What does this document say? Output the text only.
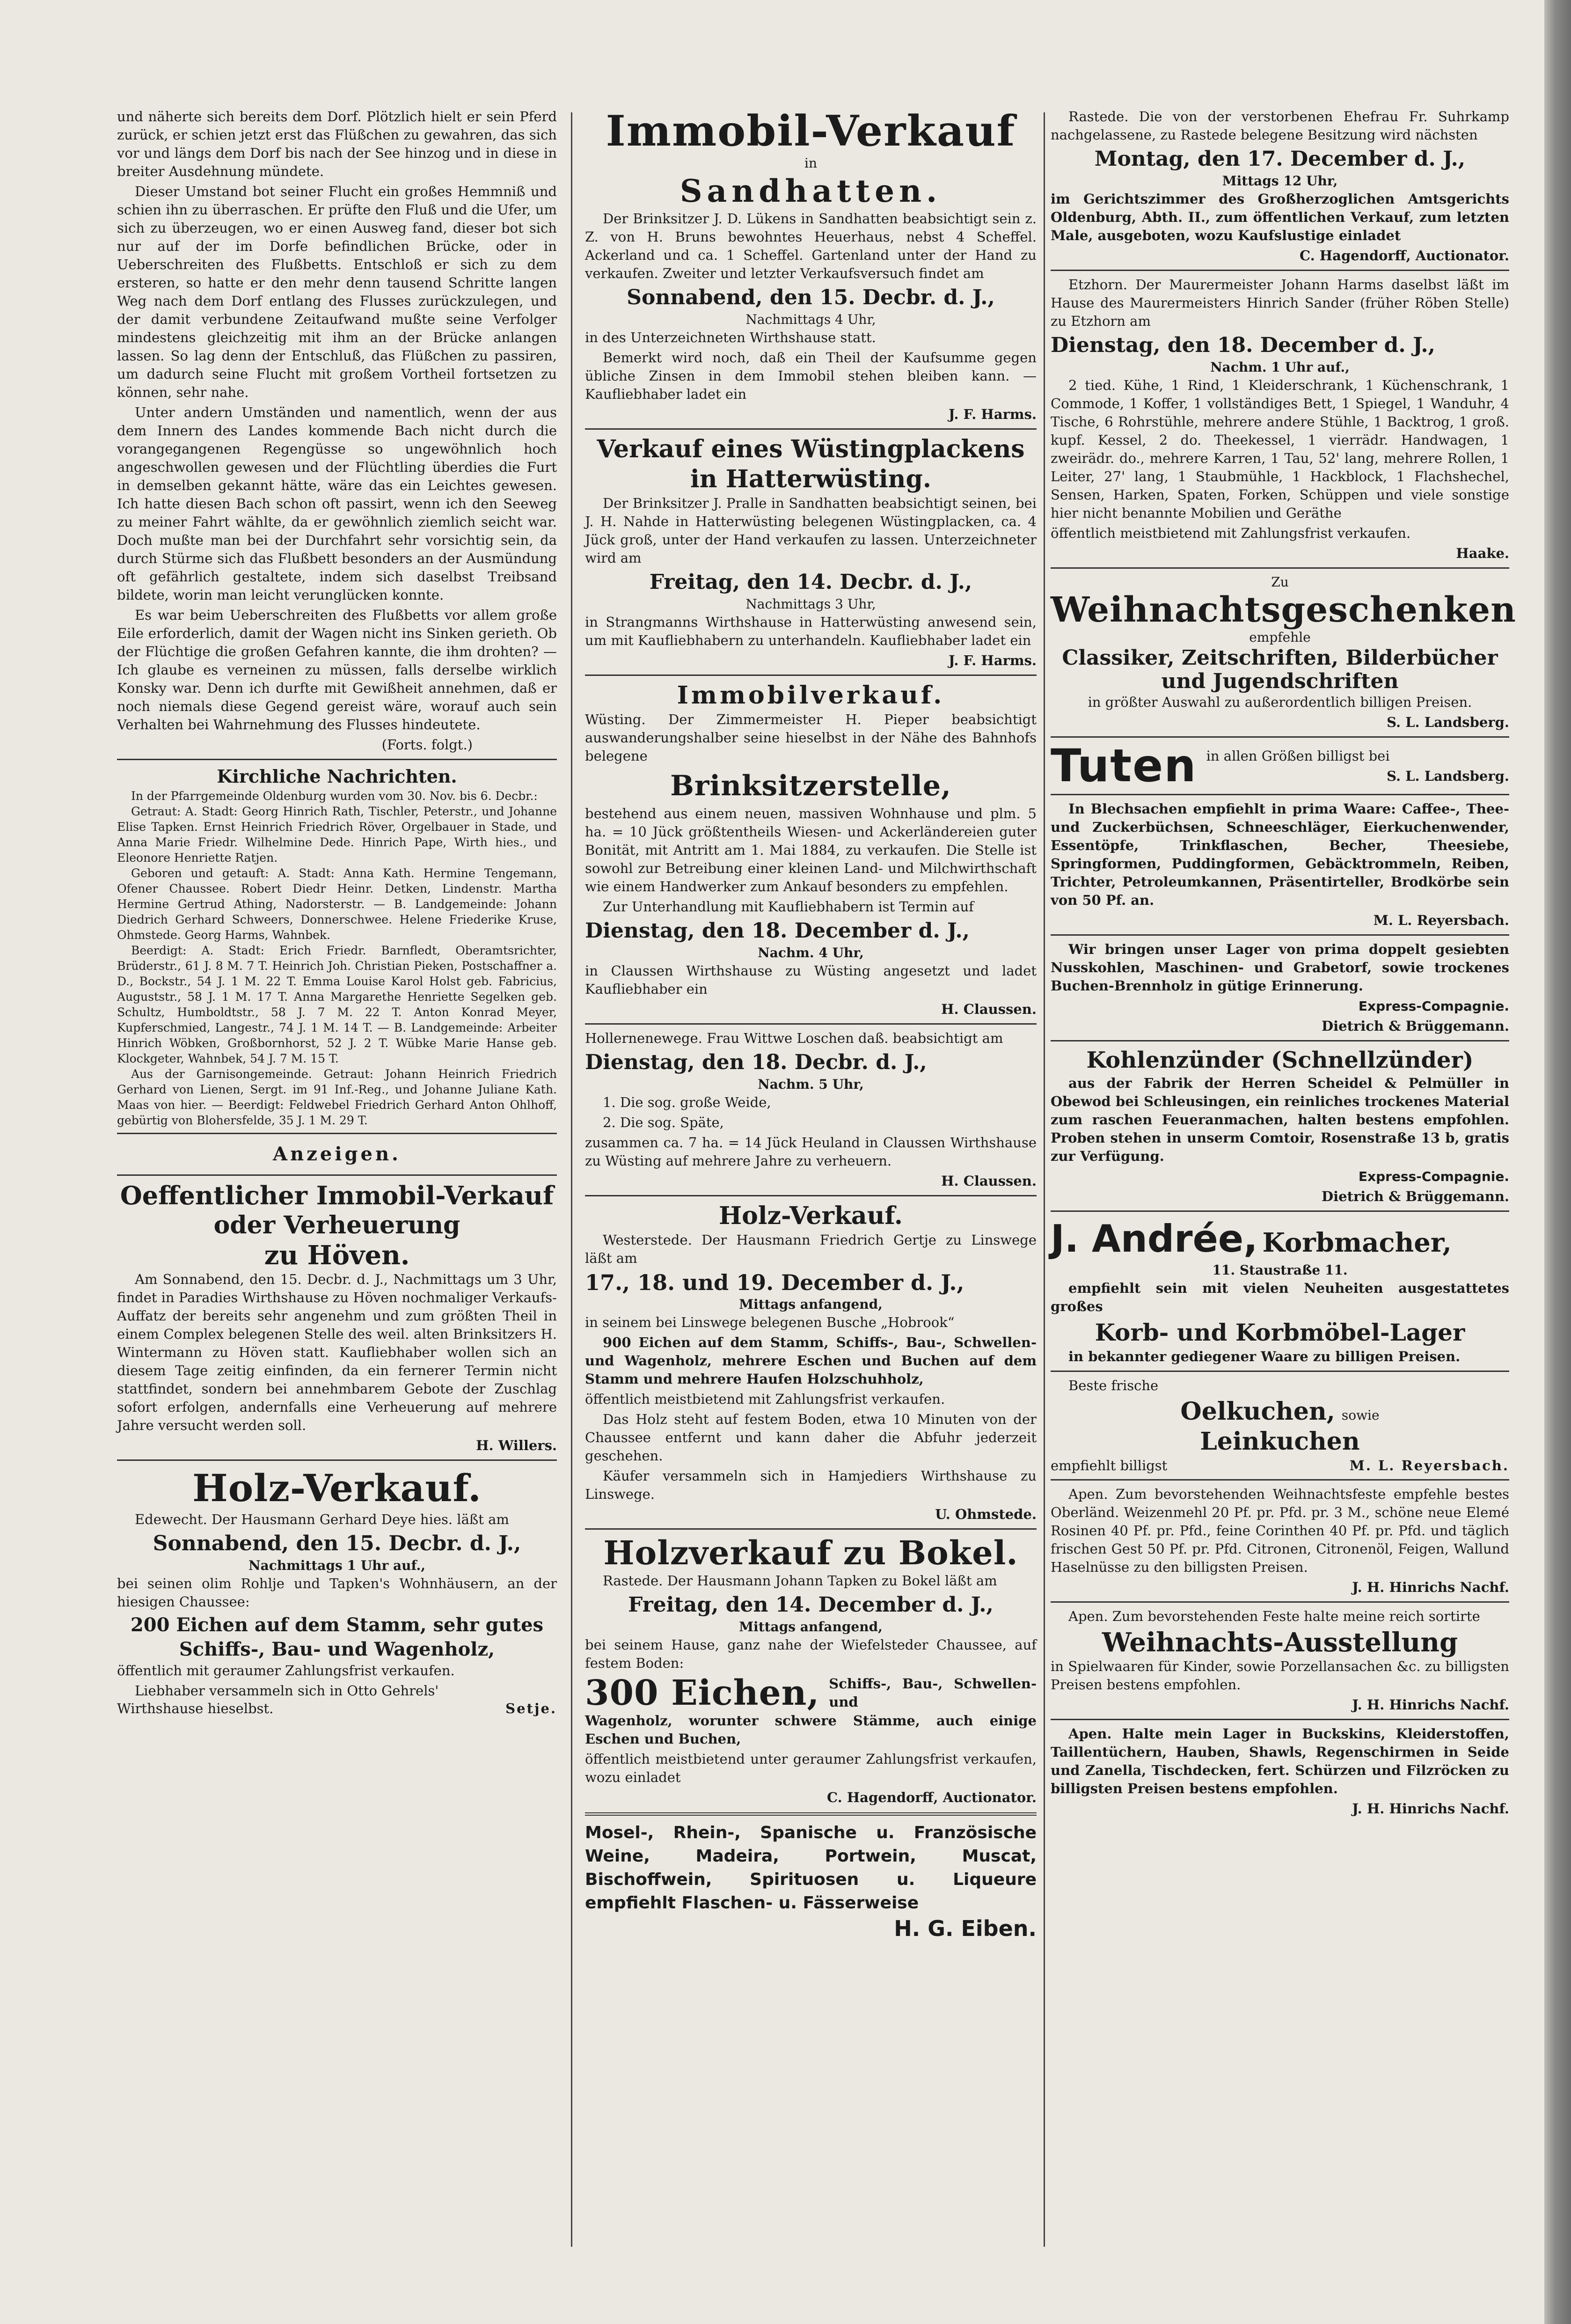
und näherte sich bereits dem Dorf. Plötzlich hielt er sein Pferd zurück, er schien jetzt erst das Flüßchen zu gewahren, das sich vor und längs dem Dorf bis nach der See hinzog und in diese in breiter Ausdehnung mündete.

Dieser Umstand bot seiner Flucht ein großes Hemmniß und schien ihn zu überraschen. Er prüfte den Fluß und die Ufer, um sich zu überzeugen, wo er einen Ausweg fand, dieser bot sich nur auf der im Dorfe befindlichen Brücke, oder in Ueberschreiten des Flußbetts. Entschloß er sich zu dem ersteren, so hatte er den mehr denn tausend Schritte langen Weg nach dem Dorf entlang des Flusses zurückzulegen, und der damit verbundene Zeitaufwand mußte seine Verfolger mindestens gleichzeitig mit ihm an der Brücke anlangen lassen. So lag denn der Entschluß, das Flüßchen zu passiren, um dadurch seine Flucht mit großem Vortheil fortsetzen zu können, sehr nahe.

Unter andern Umständen und namentlich, wenn der aus dem Innern des Landes kommende Bach nicht durch die vorangegangenen Regengüsse so ungewöhnlich hoch angeschwollen gewesen und der Flüchtling überdies die Furt in demselben gekannt hätte, wäre das ein Leichtes gewesen. Ich hatte diesen Bach schon oft passirt, wenn ich den Seeweg zu meiner Fahrt wählte, da er gewöhnlich ziemlich seicht war. Doch mußte man bei der Durchfahrt sehr vorsichtig sein, da durch Stürme sich das Flußbett besonders an der Ausmündung oft gefährlich gestaltete, indem sich daselbst Treibsand bildete, worin man leicht verunglücken konnte.

Es war beim Ueberschreiten des Flußbetts vor allem große Eile erforderlich, damit der Wagen nicht ins Sinken gerieth. Ob der Flüchtige die großen Gefahren kannte, die ihm drohten? — Ich glaube es verneinen zu müssen, falls derselbe wirklich Konsky war. Denn ich durfte mit Gewißheit annehmen, daß er noch niemals diese Gegend gereist wäre, worauf auch sein Verhalten bei Wahrnehmung des Flusses hindeutete.

(Forts. folgt.)

Kirchliche Nachrichten.

In der Pfarrgemeinde Oldenburg wurden vom 30. Nov. bis 6. Decbr.:

Getraut: A. Stadt: Georg Hinrich Rath, Tischler, Peterstr., und Johanne Elise Tapken. Ernst Heinrich Friedrich Röver, Orgelbauer in Stade, und Anna Marie Friedr. Wilhelmine Dede. Hinrich Pape, Wirth hies., und Eleonore Henriette Ratjen.

Geboren und getauft: A. Stadt: Anna Kath. Hermine Tengemann, Ofener Chaussee. Robert Diedr Heinr. Detken, Lindenstr. Martha Hermine Gertrud Athing, Nadorsterstr. — B. Landgemeinde: Johann Diedrich Gerhard Schweers, Donnerschwee. Helene Friederike Kruse, Ohmstede. Georg Harms, Wahnbek.

Beerdigt: A. Stadt: Erich Friedr. Barnfledt, Oberamtsrichter, Brüderstr., 61 J. 8 M. 7 T. Heinrich Joh. Christian Pieken, Postschaffner a. D., Bockstr., 54 J. 1 M. 22 T. Emma Louise Karol Holst geb. Fabricius, Auguststr., 58 J. 1 M. 17 T. Anna Margarethe Henriette Segelken geb. Schultz, Humboldtstr., 58 J. 7 M. 22 T. Anton Konrad Meyer, Kupferschmied, Langestr., 74 J. 1 M. 14 T. — B. Landgemeinde: Arbeiter Hinrich Wöbken, Großbornhorst, 52 J. 2 T. Wübke Marie Hanse geb. Klockgeter, Wahnbek, 54 J. 7 M. 15 T.

Aus der Garnisongemeinde. Getraut: Johann Heinrich Friedrich Gerhard von Lienen, Sergt. im 91 Inf.-Reg., und Johanne Juliane Kath. Maas von hier. — Beerdigt: Feldwebel Friedrich Gerhard Anton Ohlhoff, gebürtig von Blohersfelde, 35 J. 1 M. 29 T.

Anzeigen.

Oeffentlicher Immobil-Verkauf

oder Verheuerung

zu Höven.

Am Sonnabend, den 15. Decbr. d. J., Nachmittags um 3 Uhr, findet in Paradies Wirthshause zu Höven nochmaliger Verkaufs-Auffatz der bereits sehr angenehm und zum größten Theil in einem Complex belegenen Stelle des weil. alten Brinksitzers H. Wintermann zu Höven statt. Kaufliebhaber wollen sich an diesem Tage zeitig einfinden, da ein fernerer Termin nicht stattfindet, sondern bei annehmbarem Gebote der Zuschlag sofort erfolgen, andernfalls eine Verheuerung auf mehrere Jahre versucht werden soll.

H. Willers.

Holz-Verkauf.

Edewecht. Der Hausmann Gerhard Deye hies. läßt am

Sonnabend, den 15. Decbr. d. J.,

Nachmittags 1 Uhr auf.,

bei seinen olim Rohlje und Tapken's Wohnhäusern, an der hiesigen Chaussee:

200 Eichen auf dem Stamm, sehr gutes Schiffs-, Bau- und Wagenholz,

öffentlich mit geraumer Zahlungsfrist verkaufen.

Liebhaber versammeln sich in Otto Gehrels' Wirthshause hieselbst.	Setje.

Immobil-Verkauf

in

Sandhatten.

Der Brinksitzer J. D. Lükens in Sandhatten beabsichtigt sein z. Z. von H. Bruns bewohntes Heuerhaus, nebst 4 Scheffel. Ackerland und ca. 1 Scheffel. Gartenland unter der Hand zu verkaufen. Zweiter und letzter Verkaufsversuch findet am

Sonnabend, den 15. Decbr. d. J.,

Nachmittags 4 Uhr,

in des Unterzeichneten Wirthshause statt.

Bemerkt wird noch, daß ein Theil der Kaufsumme gegen übliche Zinsen in dem Immobil stehen bleiben kann. — Kaufliebhaber ladet ein

J. F. Harms.

Verkauf eines Wüstingplackens

in Hatterwüsting.

Der Brinksitzer J. Pralle in Sandhatten beabsichtigt seinen, bei J. H. Nahde in Hatterwüsting belegenen Wüstingplacken, ca. 4 Jück groß, unter der Hand verkaufen zu lassen. Unterzeichneter wird am

Freitag, den 14. Decbr. d. J.,

Nachmittags 3 Uhr,

in Strangmanns Wirthshause in Hatterwüsting anwesend sein, um mit Kaufliebhabern zu unterhandeln. Kaufliebhaber ladet ein

J. F. Harms.

Immobilverkauf.

Wüsting. Der Zimmermeister H. Pieper beabsichtigt auswanderungshalber seine hieselbst in der Nähe des Bahnhofs belegene

Brinksitzerstelle,

bestehend aus einem neuen, massiven Wohnhause und plm. 5 ha. = 10 Jück größtentheils Wiesen- und Ackerländereien guter Bonität, mit Antritt am 1. Mai 1884, zu verkaufen. Die Stelle ist sowohl zur Betreibung einer kleinen Land- und Milchwirthschaft wie einem Handwerker zum Ankauf besonders zu empfehlen.

Zur Unterhandlung mit Kaufliebhabern ist Termin auf

Dienstag, den 18. December d. J.,

Nachm. 4 Uhr,

in Claussen Wirthshause zu Wüsting angesetzt und ladet Kaufliebhaber ein

H. Claussen.

Hollernenewege. Frau Wittwe Loschen daß. beabsichtigt am

Dienstag, den 18. Decbr. d. J.,

Nachm. 5 Uhr,

1. Die sog. große Weide,

2. Die sog. Späte,

zusammen ca. 7 ha. = 14 Jück Heuland in Claussen Wirthshause zu Wüsting auf mehrere Jahre zu verheuern.

H. Claussen.

Holz-Verkauf.

Westerstede. Der Hausmann Friedrich Gertje zu Linswege läßt am

17., 18. und 19. December d. J.,

Mittags anfangend,

in seinem bei Linswege belegenen Busche „Hobrook“

900 Eichen auf dem Stamm, Schiffs-, Bau-, Schwellen- und Wagenholz, mehrere Eschen und Buchen auf dem Stamm und mehrere Haufen Holzschuhholz,

öffentlich meistbietend mit Zahlungsfrist verkaufen.

Das Holz steht auf festem Boden, etwa 10 Minuten von der Chaussee entfernt und kann daher die Abfuhr jederzeit geschehen.

Käufer versammeln sich in Hamjediers Wirthshause zu Linswege.

U. Ohmstede.

Holzverkauf zu Bokel.

Rastede. Der Hausmann Johann Tapken zu Bokel läßt am

Freitag, den 14. December d. J.,

Mittags anfangend,

bei seinem Hause, ganz nahe der Wiefelsteder Chaussee, auf festem Boden:

300 Eichen, Schiffs-, Bau-, Schwellen- und

Wagenholz, worunter schwere Stämme, auch einige Eschen und Buchen,

öffentlich meistbietend unter geraumer Zahlungsfrist verkaufen, wozu einladet

C. Hagendorff, Auctionator.

Mosel-, Rhein-, Spanische u. Französische Weine, Madeira, Portwein, Muscat, Bischoffwein, Spirituosen u. Liqueure empfiehlt Flaschen- u. Fässerweise

H. G. Eiben.

Rastede. Die von der verstorbenen Ehefrau Fr. Suhrkamp nachgelassene, zu Rastede belegene Besitzung wird nächsten

Montag, den 17. December d. J.,

Mittags 12 Uhr,

im Gerichtszimmer des Großherzoglichen Amtsgerichts Oldenburg, Abth. II., zum öffentlichen Verkauf, zum letzten Male, ausgeboten, wozu Kaufslustige einladet

C. Hagendorff, Auctionator.

Etzhorn. Der Maurermeister Johann Harms daselbst läßt im Hause des Maurermeisters Hinrich Sander (früher Röben Stelle) zu Etzhorn am

Dienstag, den 18. December d. J.,

Nachm. 1 Uhr auf.,

2 tied. Kühe, 1 Rind, 1 Kleiderschrank, 1 Küchenschrank, 1 Commode, 1 Koffer, 1 vollständiges Bett, 1 Spiegel, 1 Wanduhr, 4 Tische, 6 Rohrstühle, mehrere andere Stühle, 1 Backtrog, 1 groß. kupf. Kessel, 2 do. Theekessel, 1 vierrädr. Handwagen, 1 zweirädr. do., mehrere Karren, 1 Tau, 52' lang, mehrere Rollen, 1 Leiter, 27' lang, 1 Staubmühle, 1 Hackblock, 1 Flachshechel, Sensen, Harken, Spaten, Forken, Schüppen und viele sonstige hier nicht benannte Mobilien und Geräthe

öffentlich meistbietend mit Zahlungsfrist verkaufen.

Haake.

Zu

Weihnachtsgeschenken

empfehle

Classiker, Zeitschriften, Bilderbücher

und Jugendschriften

in größter Auswahl zu außerordentlich billigen Preisen.

S. L. Landsberg.

Tuten in allen Größen billigst bei

S. L. Landsberg.

In Blechsachen empfiehlt in prima Waare: Caffee-, Thee- und Zuckerbüchsen, Schneeschläger, Eierkuchenwender, Essentöpfe, Trinkflaschen, Becher, Theesiebe, Springformen, Puddingformen, Gebäcktrommeln, Reiben, Trichter, Petroleumkannen, Präsentirteller, Brodkörbe sein von 50 Pf. an.

M. L. Reyersbach.

Wir bringen unser Lager von prima doppelt gesiebten Nusskohlen, Maschinen- und Grabetorf, sowie trockenes Buchen-Brennholz in gütige Erinnerung.

Express-Compagnie.

Dietrich & Brüggemann.

Kohlenzünder (Schnellzünder)

aus der Fabrik der Herren Scheidel & Pelmüller in Obewod bei Schleusingen, ein reinliches trockenes Material zum raschen Feueranmachen, halten bestens empfohlen. Proben stehen in unserm Comtoir, Rosenstraße 13 b, gratis zur Verfügung.

Express-Compagnie.

Dietrich & Brüggemann.

J. Andrée, Korbmacher,

11. Staustraße 11.

empfiehlt sein mit vielen Neuheiten ausgestattetes großes

Korb- und Korbmöbel-Lager

in bekannter gediegener Waare zu billigen Preisen.

Beste frische

Oelkuchen, sowie

Leinkuchen

empfiehlt billigst	M. L. Reyersbach.

Apen. Zum bevorstehenden Weihnachtsfeste empfehle bestes Oberländ. Weizenmehl 20 Pf. pr. Pfd. pr. 3 M., schöne neue Elemé Rosinen 40 Pf. pr. Pfd., feine Corinthen 40 Pf. pr. Pfd. und täglich frischen Gest 50 Pf. pr. Pfd. Citronen, Citronenöl, Feigen, Wallund Haselnüsse zu den billigsten Preisen.

J. H. Hinrichs Nachf.

Apen. Zum bevorstehenden Feste halte meine reich sortirte

Weihnachts-Ausstellung

in Spielwaaren für Kinder, sowie Porzellansachen &c. zu billigsten Preisen bestens empfohlen.

J. H. Hinrichs Nachf.

Apen. Halte mein Lager in Buckskins, Kleiderstoffen, Taillentüchern, Hauben, Shawls, Regenschirmen in Seide und Zanella, Tischdecken, fert. Schürzen und Filzröcken zu billigsten Preisen bestens empfohlen.

J. H. Hinrichs Nachf.
